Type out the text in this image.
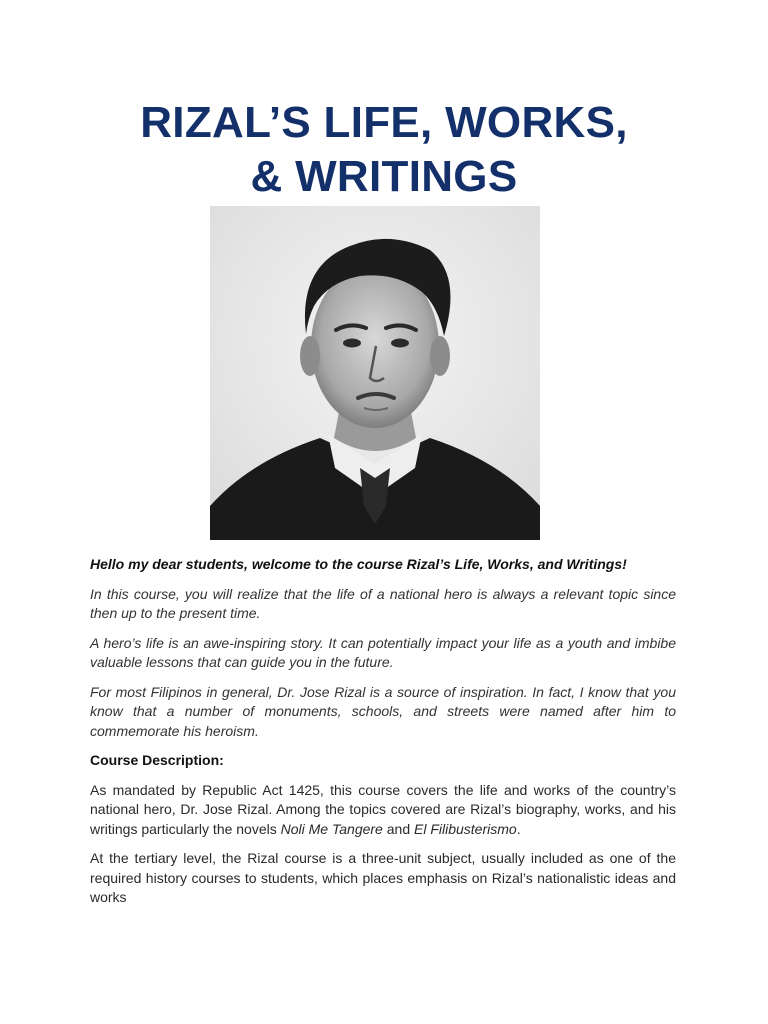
RIZAL’S LIFE, WORKS,
& WRITINGS

Hello my dear students, welcome to the course Rizal’s Life, Works, and Writings!

In this course, you will realize that the life of a national hero is always a relevant topic since then up to the present time.

A hero’s life is an awe-inspiring story. It can potentially impact your life as a youth and imbibe valuable lessons that can guide you in the future.

For most Filipinos in general, Dr. Jose Rizal is a source of inspiration. In fact, I know that you know that a number of monuments, schools, and streets were named after him to commemorate his heroism.

Course Description:

As mandated by Republic Act 1425, this course covers the life and works of the country’s national hero, Dr. Jose Rizal. Among the topics covered are Rizal’s biography, works, and his writings particularly the novels Noli Me Tangere and El Filibusterismo.

At the tertiary level, the Rizal course is a three-unit subject, usually included as one of the required history courses to students, which places emphasis on Rizal’s nationalistic ideas and works
